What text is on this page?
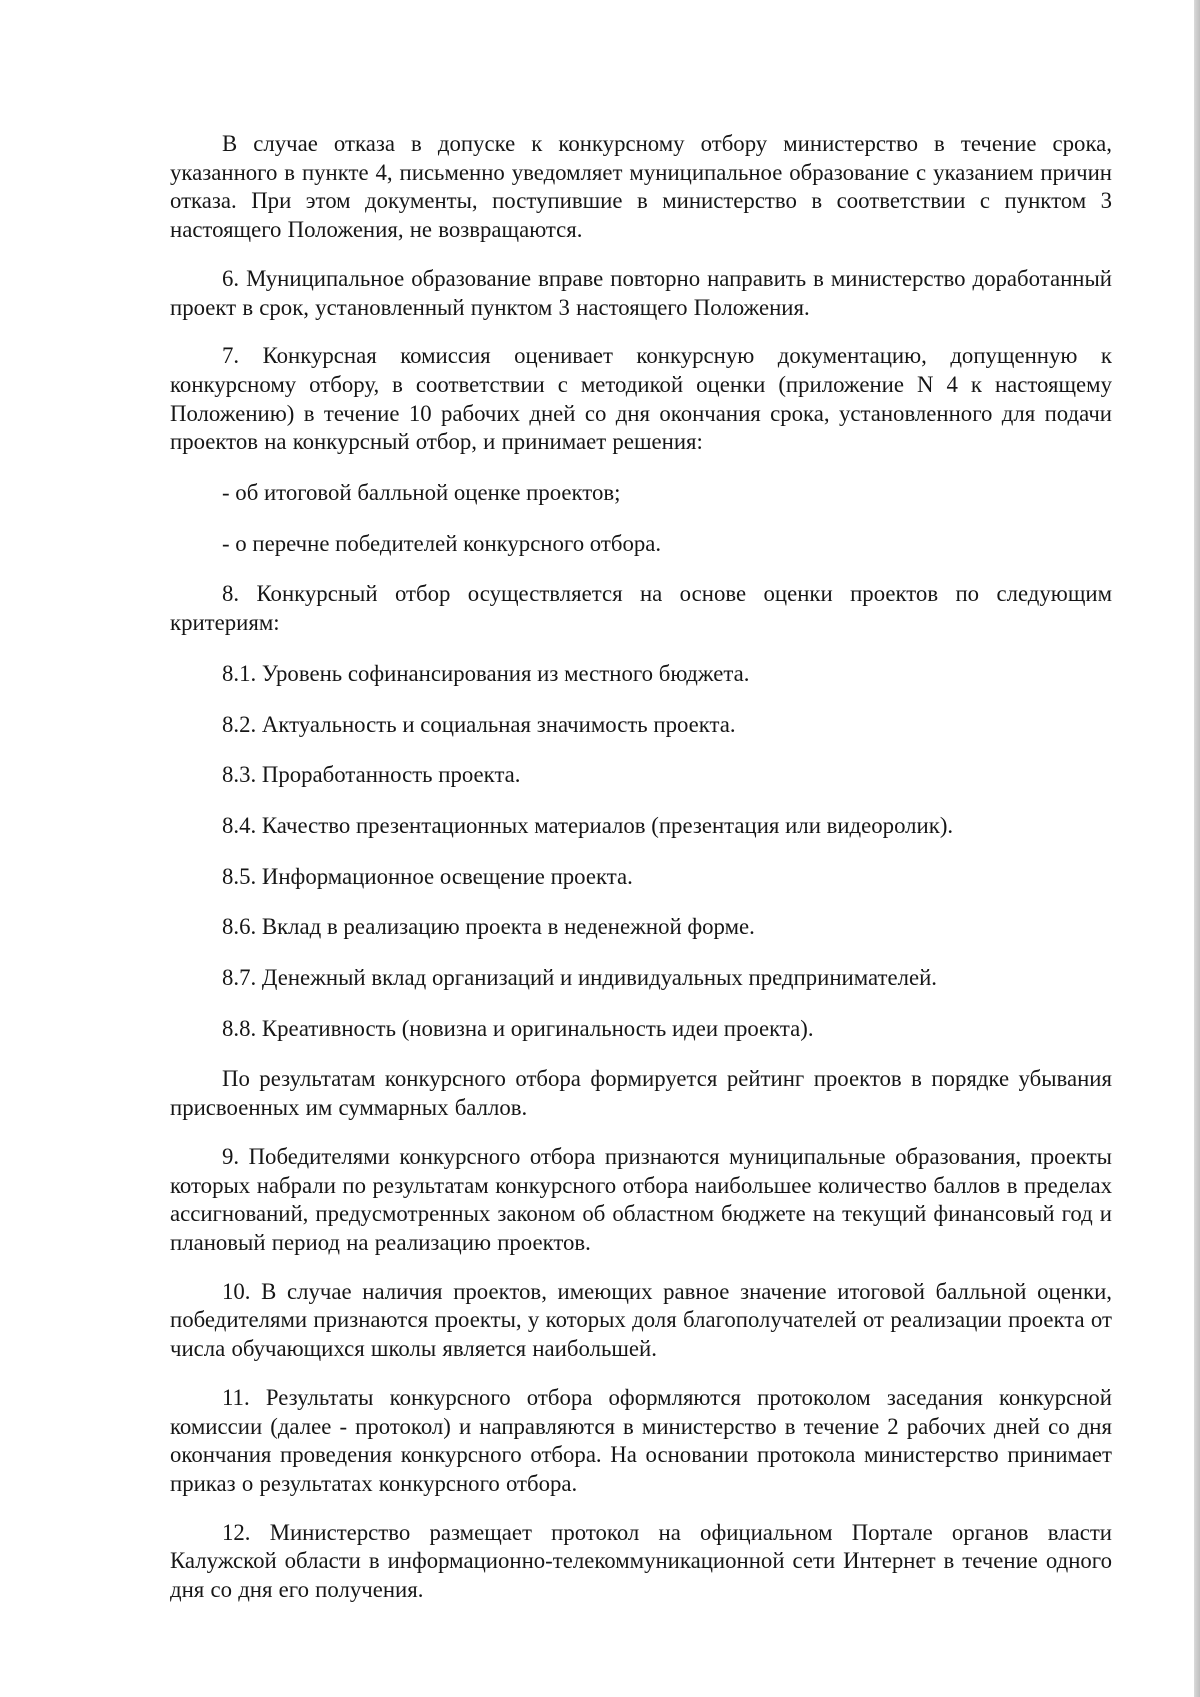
В случае отказа в допуске к конкурсному отбору министерство в течение срока, указанного в пункте 4, письменно уведомляет муниципальное образование с указанием причин отказа. При этом документы, поступившие в министерство в соответствии с пунктом 3 настоящего Положения, не возвращаются.

6. Муниципальное образование вправе повторно направить в министерство доработанный проект в срок, установленный пунктом 3 настоящего Положения.

7. Конкурсная комиссия оценивает конкурсную документацию, допущенную к конкурсному отбору, в соответствии с методикой оценки (приложение N 4 к настоящему Положению) в течение 10 рабочих дней со дня окончания срока, установленного для подачи проектов на конкурсный отбор, и принимает решения:

- об итоговой балльной оценке проектов;

- о перечне победителей конкурсного отбора.

8. Конкурсный отбор осуществляется на основе оценки проектов по следующим критериям:

8.1. Уровень софинансирования из местного бюджета.

8.2. Актуальность и социальная значимость проекта.

8.3. Проработанность проекта.

8.4. Качество презентационных материалов (презентация или видеоролик).

8.5. Информационное освещение проекта.

8.6. Вклад в реализацию проекта в неденежной форме.

8.7. Денежный вклад организаций и индивидуальных предпринимателей.

8.8. Креативность (новизна и оригинальность идеи проекта).

По результатам конкурсного отбора формируется рейтинг проектов в порядке убывания присвоенных им суммарных баллов.

9. Победителями конкурсного отбора признаются муниципальные образования, проекты которых набрали по результатам конкурсного отбора наибольшее количество баллов в пределах ассигнований, предусмотренных законом об областном бюджете на текущий финансовый год и плановый период на реализацию проектов.

10. В случае наличия проектов, имеющих равное значение итоговой балльной оценки, победителями признаются проекты, у которых доля благополучателей от реализации проекта от числа обучающихся школы является наибольшей.

11. Результаты конкурсного отбора оформляются протоколом заседания конкурсной комиссии (далее - протокол) и направляются в министерство в течение 2 рабочих дней со дня окончания проведения конкурсного отбора. На основании протокола министерство принимает приказ о результатах конкурсного отбора.

12. Министерство размещает протокол на официальном Портале органов власти Калужской области в информационно-телекоммуникационной сети Интернет в течение одного дня со дня его получения.
